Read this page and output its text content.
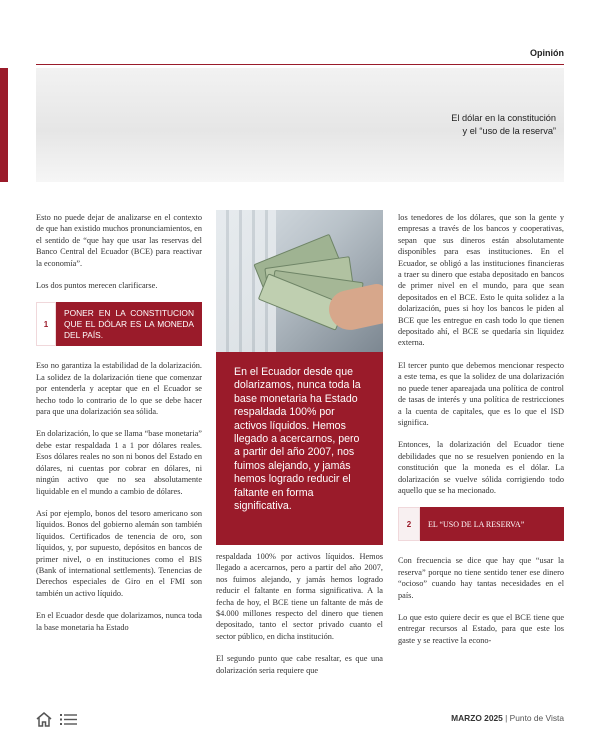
Opinión
El dólar en la constitución
y el “uso de la reserva”

Esto no puede dejar de analizarse en el contexto de que han existido muchos pronunciamientos, en el sentido de “que hay que usar las reservas del Banco Central del Ecuador (BCE) para reactivar la economía”.

Los dos puntos merecen clarificarse.

1
PONER EN LA CONSTITUCION QUE EL DÓLAR ES LA MONEDA DEL PAÍS.

Eso no garantiza la estabilidad de la dolarización. La solidez de la dolarización tiene que comenzar por entenderla y aceptar que en el Ecuador se hecho todo lo contrario de lo que se debe hacer para que una dolarización sea sólida.

En dolarización, lo que se llama “base monetaria” debe estar respaldada 1 a 1 por dólares reales. Esos dólares reales no son ni bonos del Estado en dólares, ni cuentas por cobrar en dólares, ni ningún activo que no sea absolutamente liquidable en el mundo a cambio de dólares.

Así por ejemplo, bonos del tesoro americano son líquidos. Bonos del gobierno alemán son también líquidos. Certificados de tenencia de oro, son líquidos, y, por supuesto, depósitos en bancos de primer nivel, o en instituciones como el BIS (Bank of international settlements). Tenencias de Derechos especiales de Giro en el FMI son también un activo líquido.

En el Ecuador desde que dolarizamos, nunca toda la base monetaria ha Estado

En el Ecuador desde que dolarizamos, nunca toda la base monetaria ha Estado respaldada 100% por activos líquidos. Hemos llegado a acercarnos, pero a partir del año 2007, nos fuimos alejando, y jamás hemos logrado reducir el faltante en forma significativa.

respaldada 100% por activos líquidos. Hemos llegado a acercarnos, pero a partir del año 2007, nos fuimos alejando, y jamás hemos logrado reducir el faltante en forma significativa. A la fecha de hoy, el BCE tiene un faltante de más de $4.000 millones respecto del dinero que tienen depositado, tanto el sector privado cuanto el sector público, en dicha institución.

El segundo punto que cabe resaltar, es que una dolarización seria requiere que

los tenedores de los dólares, que son la gente y empresas a través de los bancos y cooperativas, sepan que sus dineros están absolutamente disponibles para esas instituciones. En el Ecuador, se obligó a las instituciones financieras a traer su dinero que estaba depositado en bancos de primer nivel en el mundo, para que sean depositados en el BCE. Esto le quita solidez a la dolarización, pues si hoy los bancos le piden al BCE que les entregue en cash todo lo que tienen depositado ahí, el BCE se quedaría sin liquidez externa.

El tercer punto que debemos mencionar respecto a este tema, es que la solidez de una dolarización no puede tener apareajada una política de control de tasas de interés y una política de restricciones a la cuenta de capitales, que es lo que el ISD significa.

Entonces, la dolarización del Ecuador tiene debilidades que no se resuelven poniendo en la constitución que la moneda es el dólar. La dolarización se vuelve sólida corrigiendo todo aquello que se ha mecionado.

2	EL “USO DE LA RESERVA”

Con frecuencia se dice que hay que “usar la reserva” porque no tiene sentido tener ese dinero “ocioso” cuando hay tantas necesidades en el país.

Lo que esto quiere decir es que el BCE tiene que entregar recursos al Estado, para que este los gaste y se reactive la econo-

MARZO 2025 | Punto de Vista
